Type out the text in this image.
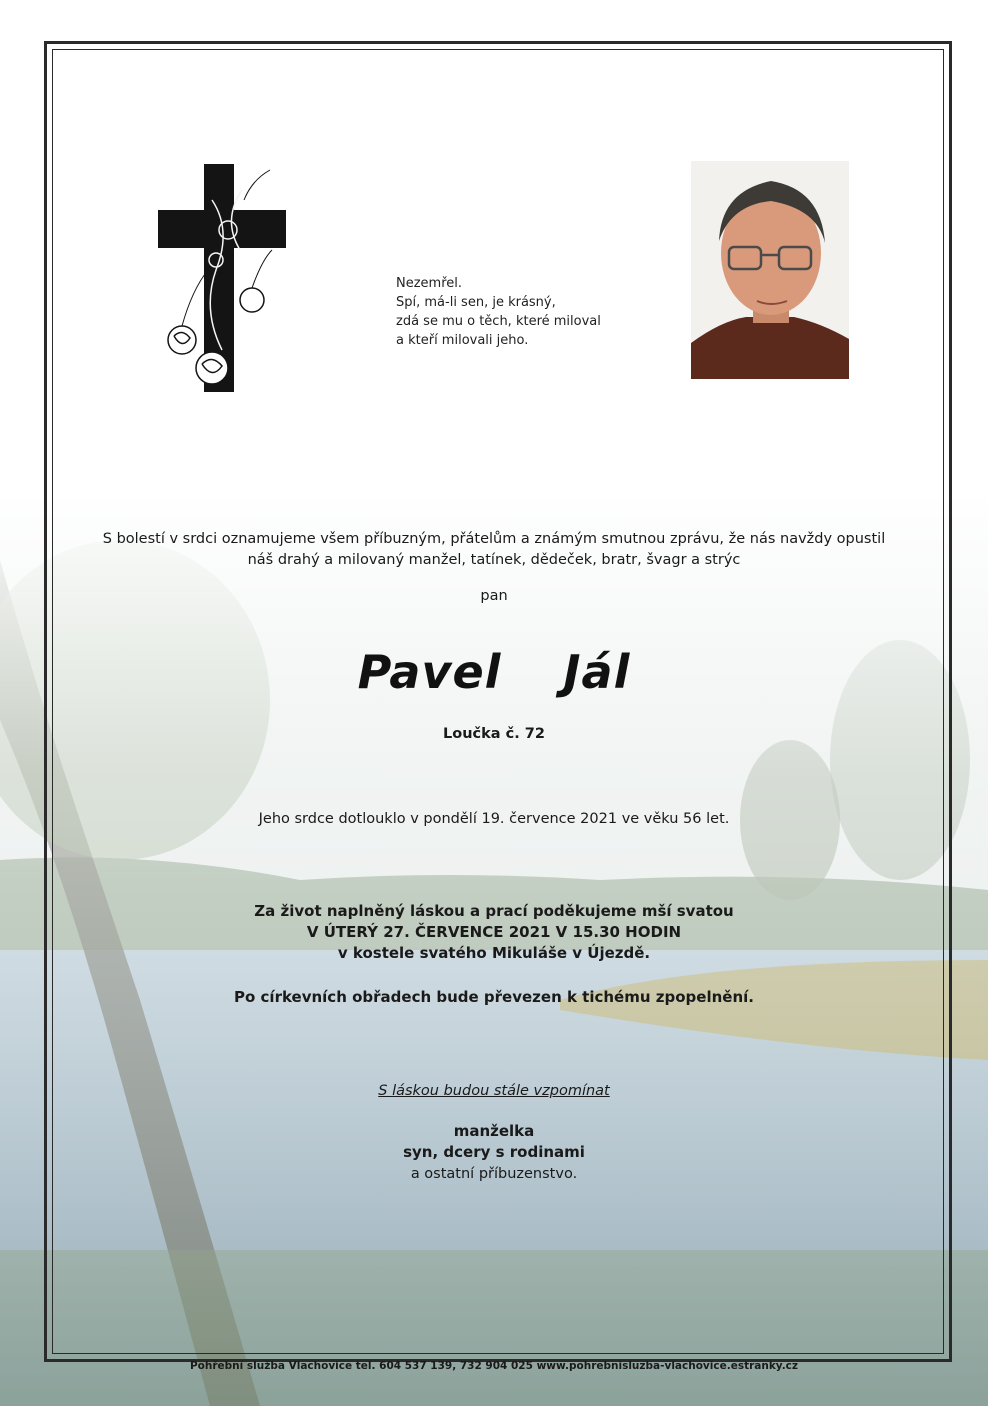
Nezemřel.
Spí, má-li sen, je krásný,
zdá se mu o těch, které miloval
a kteří milovali jeho.
S bolestí v srdci oznamujeme všem příbuzným, přátelům a známým smutnou zprávu, že nás navždy opustil
náš drahý a milovaný manžel, tatínek, dědeček, bratr, švagr a strýc
pan
Pavel  Jál
Loučka č. 72
Jeho srdce dotlouklo v pondělí 19. července 2021 ve věku 56 let.
Za život naplněný láskou a prací poděkujeme mší svatou
V ÚTERÝ 27. ČERVENCE 2021 V 15.30 HODIN
v kostele svatého Mikuláše v Újezdě.
Po církevních obřadech bude převezen k tichému zpopelnění.
S láskou budou stále vzpomínat
manželka
syn, dcery s rodinami
a ostatní příbuzenstvo.
Pohřební služba Vlachovice tel. 604 537 139, 732 904 025 www.pohrebnisluzba-vlachovice.estranky.cz
